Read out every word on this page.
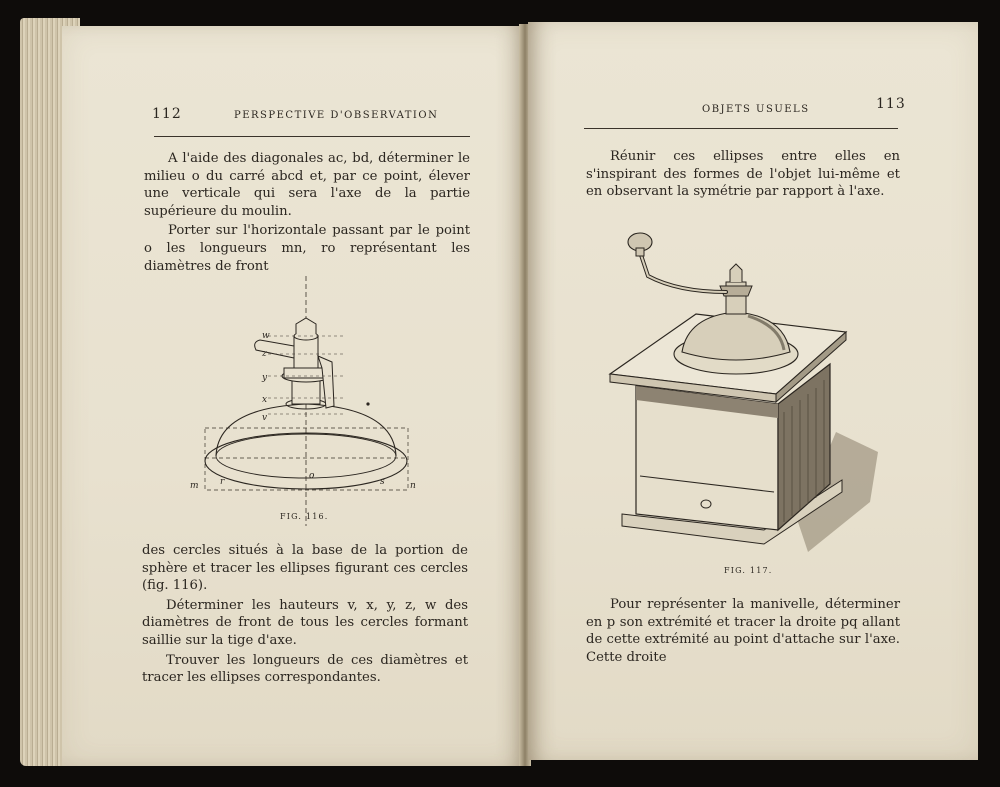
112	PERSPECTIVE D'OBSERVATION

A l'aide des diagonales ac, bd, déterminer le milieu o du carré abcd et, par ce point, élever une verticale qui sera l'axe de la partie supérieure du moulin.

Porter sur l'horizontale passant par le point o les longueurs mn, ro représentant les diamètres de front

w
z
y
x
v
m r
o
s	n
FIG. 116.

des cercles situés à la base de la portion de sphère et tracer les ellipses figurant ces cercles (fig. 116).

Déterminer les hauteurs v, x, y, z, w des diamètres de front de tous les cercles formant saillie sur la tige d'axe.

Trouver les longueurs de ces diamètres et tracer les ellipses correspondantes.

OBJETS USUELS	113

Réunir ces ellipses entre elles en s'inspirant des formes de l'objet lui-même et en observant la symétrie par rapport à l'axe.

FIG. 117.

Pour représenter la manivelle, déterminer en p son extrémité et tracer la droite pq allant de cette extrémité au point d'attache sur l'axe. Cette droite
